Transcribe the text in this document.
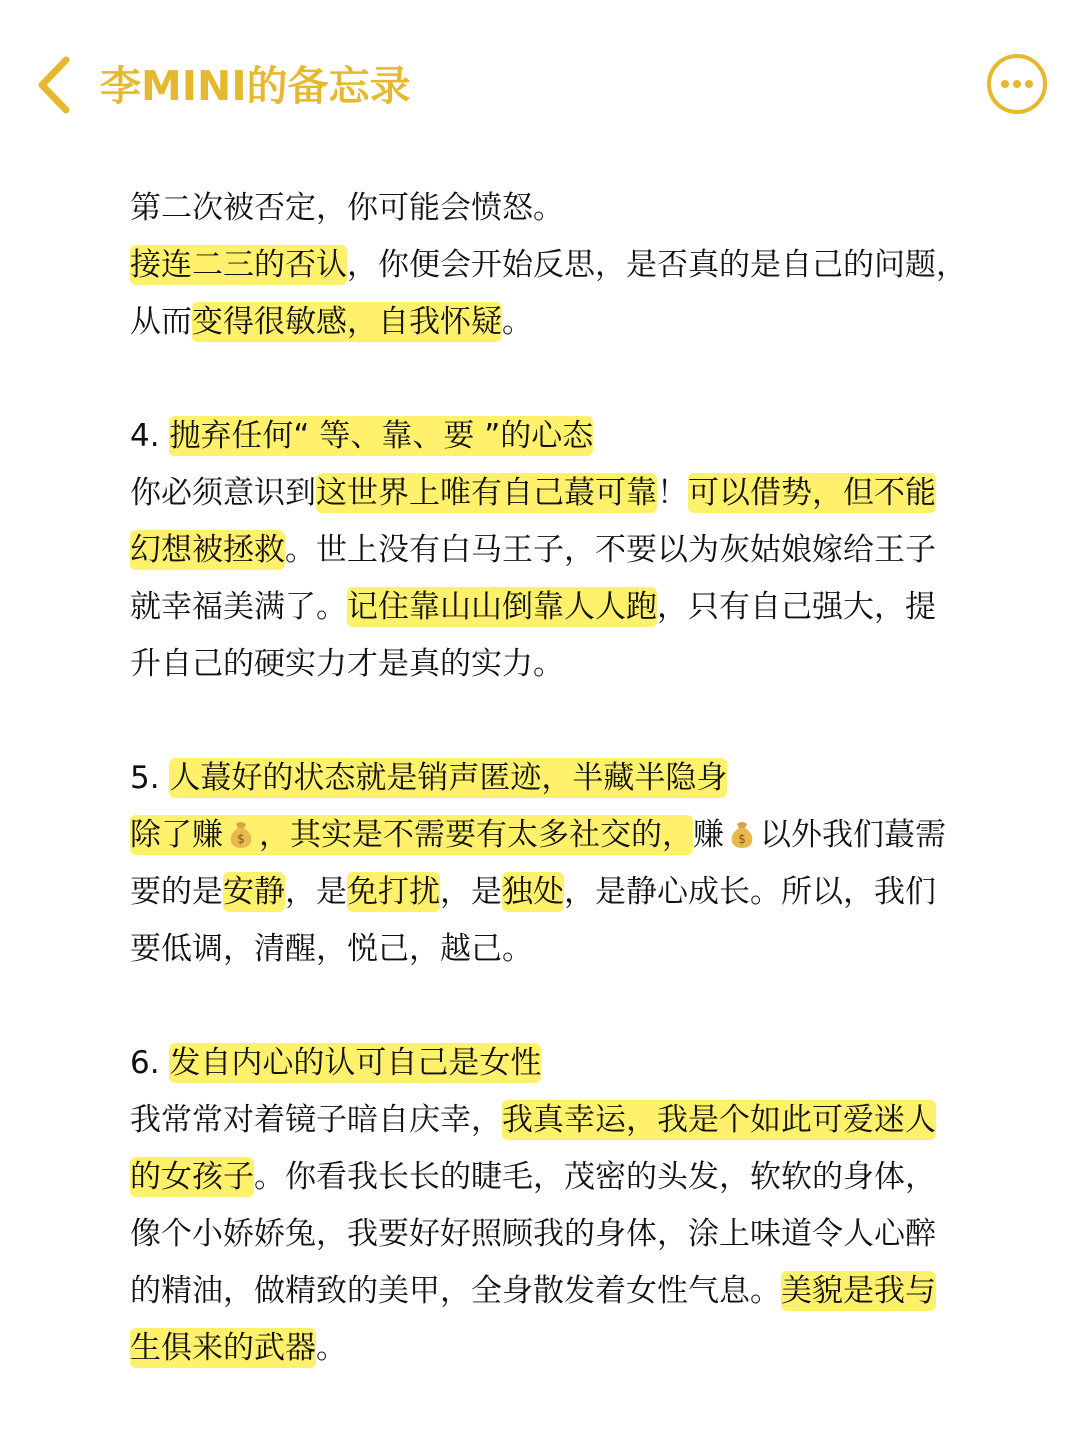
李MINI的备忘录

第二次被否定，你可能会愤怒。

接连二三的否认，你便会开始反思，是否真的是自己的问题，

从而变得很敏感，自我怀疑。

4. 抛弃任何“ 等、靠、要 ”的心态

你必须意识到这世界上唯有自己蕞可靠！可以借势，但不能

幻想被拯救。世上没有白马王子，不要以为灰姑娘嫁给王子

就幸福美满了。记住靠山山倒靠人人跑，只有自己强大，提

升自己的硬实力才是真的实力。

5. 人蕞好的状态就是销声匿迹，半藏半隐身

除了赚 $ ，其实是不需要有太多社交的，赚 $ 以外我们蕞需

要的是安静，是免打扰，是独处，是静心成长。所以，我们

要低调，清醒，悦己，越己。

6. 发自内心的认可自己是女性

我常常对着镜子暗自庆幸，我真幸运，我是个如此可爱迷人

的女孩子。你看我长长的睫毛，茂密的头发，软软的身体，

像个小娇娇兔，我要好好照顾我的身体，涂上味道令人心醉

的精油，做精致的美甲，全身散发着女性气息。美貌是我与

生俱来的武器。
